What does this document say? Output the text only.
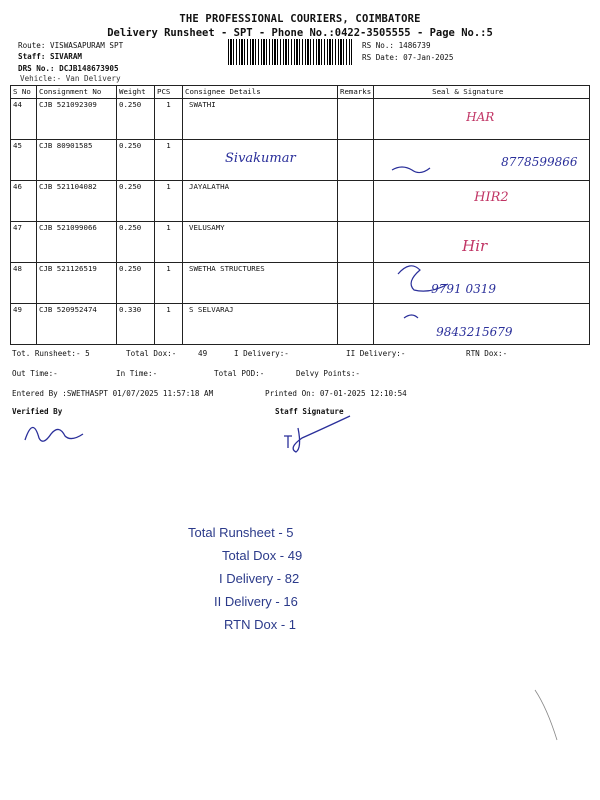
THE PROFESSIONAL COURIERS, COIMBATORE
Delivery Runsheet - SPT - Phone No.:0422-3505555 - Page No.:5
Route: VISWASAPURAM SPT
Staff: SIVARAM
DRS No.: DCJB148673905
Vehicle:- Van Delivery
RS No.: 1486739
RS Date: 07-Jan-2025
S No	Consignment No	Weight	PCS	Consignee Details	Remarks	Seal & Signature
44	CJB 521092309	0.250	1	SWATHI		HAR

45	CJB 80901585	0.250	1	Sivakumar		8778599866

46	CJB 521104082	0.250	1	JAYALATHA		HIR2

47	CJB 521099066	0.250	1	VELUSAMY		Hir

48	CJB 521126519	0.250	1	SWETHA STRUCTURES		9791 0319

49	CJB 520952474	0.330	1	S SELVARAJ		9843215679
Tot. Runsheet:- 5	Total Dox:-	49	I Delivery:-	II Delivery:-	RTN Dox:-
Out Time:-	In Time:-	Total POD:-	Delvy Points:-
Entered By :SWETHASPT 01/07/2025 11:57:18 AM	Printed On: 07-01-2025 12:10:54
Verified By	Staff Signature
Total Runsheet - 5
Total Dox - 49
I Delivery - 82
II Delivery - 16
RTN Dox - 1
